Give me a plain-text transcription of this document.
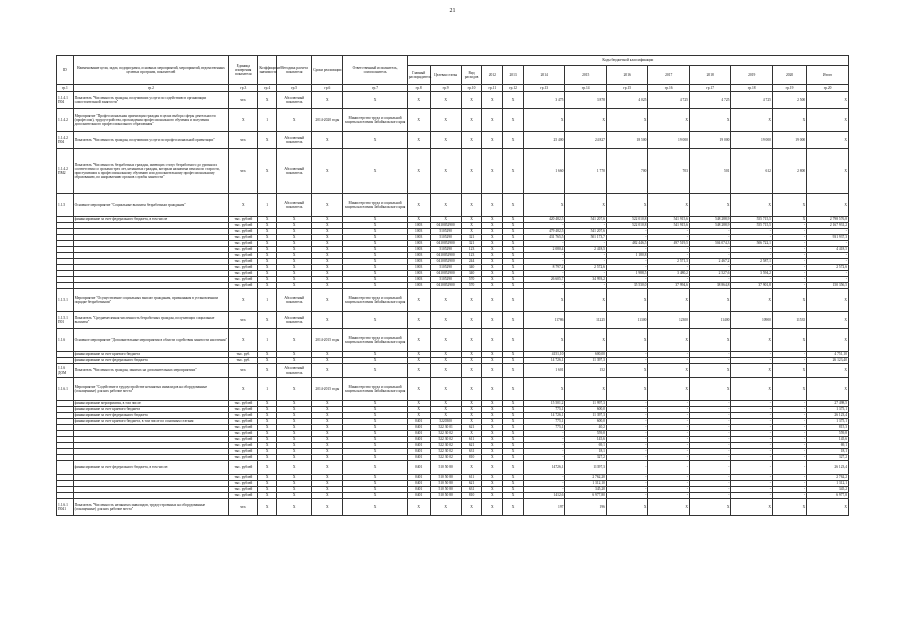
21
ID	Наименование цели, задач, подпрограмм, основных мероприятий, мероприятий, ведомственных целевых программ, показателей	Единица измерения показателя	Коэффициент значимости	Методика расчета показателя	Сроки реализации	Ответственный исполнитель, соисполнитель	Коды бюджетной классификации												
							Главный распорядитель	Целевая статья	Вид расходов	2012	2013	2014	2015	2016	2017	2018	2019	2020	Итого
гр.1	гр.2	гр.3	гр.4	гр.5	гр.6	гр.7	гр.8	гр.9	гр.10	гр.11	гр.12	гр.13	гр.14	гр.15	гр.16	гр.17	гр.18	гр.19	гр.20
1.1.4.1 П04	Показатель "Численность граждан, получивших услуги по содействию в организации самостоятельной занятости"	чел.	Х	Абсолютный показатель	Х	Х	Х	Х	Х	Х	Х	3 475	3 878	4 025	4 725	4 725	4 725	2 500	Х
1.1.4.2	Мероприятие "Профессиональная ориентация граждан в целях выбора сферы деятельности (профессии), трудоустройства, прохождения профессионального обучения и получения дополнительного профессионального образования"	Х	1	Х	2014-2020 годы	Министерство труда и социальной защиты населения Забайкальского края	Х	Х	Х	Х	Х	Х	Х	Х	Х	Х	Х	Х	Х
1.1.4.2 П04	Показатель "Численность граждан, получивших услуги по профессиональной ориентации"	чел.	Х	Абсолютный показатель	Х	Х	Х	Х	Х	Х	Х	25 400	24 827	18 500	19 000	19 000	19 000	19 000	Х
1.1.4.2 ПМ2	Показатель "Численность безработных граждан, имеющих статус безработного до уровня их соответствия со сроками трех лет, незанятых граждан, которым назначена пенсия по старости, приступивших к профессиональному обучению или дополнительному профессиональному образованию, по направлению органов службы занятости"	чел.	Х	Абсолютный показатель	Х	Х	Х	Х	Х	Х	Х	1 660	1 770	700	703	501	612	2 800	Х
1.1.5	Основное мероприятие "Социальные выплаты безработным гражданам"	Х	1	Абсолютный показатель	Х	Министерство труда и социальной защиты населения Забайкальского края	Х	Х	Х	Х	Х	Х	Х	Х	Х	Х	Х	Х	Х
	финансирование за счет федерального бюджета, в том числе	тыс. рублей	Х	Х	Х	Х	Х	Х	Х	Х	Х	420 482,5	541 207,6	522 010,8	541 915,6	548 288,9	555 715,5	Х	2 798 576,8
		тыс. рублей	Х	Х	Х	Х	1003	0410052900	Х	Х	Х	-	-	522 010,8	541 915,6	548 288,9	555 715,5	-	2 167 931,2
		тыс. рублей	Х	Х	Х	Х	1003	5105290	Х	Х	Х	479 482,5	541 207,6	-	-	-	-	-	-
		тыс. рублей	Х	Х	Х	Х	1003	5105290	321	Х	Х	431 765,5	501 173,7	-	-	-	-	-	931 937,3
		тыс. рублей	Х	Х	Х	Х	1003	0410052900	321	Х	Х	-	-	482 446,5	497 519,5	504 074,3	506 722,1	-	-
		тыс. рублей	Х	Х	Х	Х	1003	5105290	123	Х	Х	2 080,4	2 418,5	-	-	-	-	-	4 418,5
		тыс. рублей	Х	Х	Х	Х	1003	0410052900	123	Х	Х	-	-	1 180,8	-	-	-	-	-
		тыс. рублей	Х	Х	Х	Х	1003	0410052900	244	Х	Х	-	-	-	2 571,3	2 467,2	2 587,1	-	-
		тыс. рублей	Х	Х	Х	Х	1003	5105290	340	Х	Х	8 797,2	2 572,6	-	-	-	-	-	2 572,6
		тыс. рублей	Х	Х	Х	Х	1003	0410052900	340	Х	Х	-	-	1 988,5	3 480,2	2 527,6	3 594,2	-	-
		тыс. рублей	Х	Х	Х	Х	1003	5105290	570	Х	Х	26 605,7	34 993,2	-	-	-	-	-	-
		тыс. рублей	Х	Х	Х	Х	1003	0410052900	570	Х	Х	-	-	35 530,0	37 994,6	38 864,8	37 901,8	-	150 356,5
1.1.5.1	Мероприятие "Осуществление социальных выплат гражданам, признанным в установленном порядке безработными"	Х	1	Абсолютный показатель	Х	Министерство труда и социальной защиты населения Забайкальского края	Х	Х	Х	Х	Х	Х	Х	Х	Х	Х	Х	Х	Х
1.1.5.1 П01	Показатель "Среднемесячная численность безработных граждан, получающих социальные выплаты"	чел.	Х	Абсолютный показатель	Х	Х	Х	Х	Х	Х	Х	11786	11225	11300	12300	11400	10900	11535	Х
1.1.6	Основное мероприятие "Дополнительные мероприятия в области содействия занятости населения"	Х	1	Х	2014-2015 годы	Министерство труда и социальной защиты населения Забайкальского края	Х	Х	Х	Х	Х	Х	Х	Х	Х	Х	Х	Х	Х
	финансирование за счет краевого бюджета	тыс. руб.	Х	Х	Х	Х	Х	Х	Х	Х	Х	4151,10	600,00	-	-	-	-	-	4 751,10
	финансирование за счет федерального бюджета	тыс. руб.	Х	Х	Х	Х	Х	Х	Х	Х	Х	14 726,1	11 397,3	-	-	-	-	-	26 123,40
1.1.6 ДОМ	Показатель "Численность граждан, занятых на дополнительных мероприятиях"	чел.	Х	Абсолютный показатель	Х	Х	Х	Х	Х	Х	Х	1 601	152	Х	Х	Х	Х	Х	Х
1.1.6.1	Мероприятие "Содействие в трудоустройстве незанятых инвалидов на оборудованные (оснащенные) для них рабочие места"	Х	1	Х	2014-2015 годы	Министерство труда и социальной защиты населения Забайкальского края	Х	Х	Х	Х	Х	Х	Х	Х	Х	Х	Х	Х	Х
	финансирование мероприятия, в том числе:	тыс. рублей	Х	Х	Х	Х	Х	Х	Х	Х	Х	15 501,2	11 997,3	-	-	-	-	-	27 498,5
	финансирование за счет краевого бюджета	тыс. рублей	Х	Х	Х	Х	Х	Х	Х	Х	Х	775,1	600,0	-	-	-	-	-	1 375,1
	финансирование за счет федерального бюджета	тыс. рублей	Х	Х	Х	Х	Х	Х	Х	Х	Х	14 726,1	11 397,3	-	-	-	-	-	26 123,4
	финансирование за счет краевого бюджета, в том числе по основным статьям:	тыс. рублей	Х	Х	Х	Х	0401	5220300	Х	Х	Х	775,1	600,0	-	-	-	-	-	1 375,1
		тыс. рублей	Х	Х	Х	Х	0401	522 30 01	621	Х	Х	775,1	40,2	-	-	-	-	-	815,3
		тыс. рублей	Х	Х	Х	Х	0401	522 30 02	Х	Х	Х	-	559,8	-	-	-	-	-	559,8
		тыс. рублей	Х	Х	Х	Х	0401	522 30 02	611	Х	Х	-	145,6	-	-	-	-	-	145,6
		тыс. рублей	Х	Х	Х	Х	0401	522 30 02	621	Х	Х	-	69,1	-	-	-	-	-	69,1
		тыс. рублей	Х	Х	Х	Х	0401	522 30 02	631	Х	Х	-	18,1	-	-	-	-	-	18,1
		тыс. рублей	Х	Х	Х	Х	0401	522 30 02	810	Х	Х	-	327,2	-	-	-	-	-	327,2
	финансирование за счет федерального бюджета, в том числе:	тыс. рублей	Х	Х	Х	Х	0401	510 50 80	Х	Х	Х	14726,1	11397,3	-	-	-	-	-	26 123,4
		тыс. рублей	Х	Х	Х	Х	0401	510 50 80	611	Х	Х	-	2 762,20	-	-	-	-	-	2 762,2
		тыс. рублей	Х	Х	Х	Х	0401	510 50 80	621	Х	Х	-	1 312,10	-	-	-	-	-	1 312,1
		тыс. рублей	Х	Х	Х	Х	0401	510 50 80	631	Х	Х	-	345,20	-	-	-	-	-	345,2
		тыс. рублей	Х	Х	Х	Х	0401	510 50 80	810	Х	Х	1412,6	6 977,80	-	-	-	-	-	6 977,8
1.1.6.1 П041	Показатель "Численность незанятых инвалидов, трудоустроенных на оборудованные (оснащенные) для них рабочие места"	чел.	Х	Х	Х	Х	Х	Х	Х	Х	Х	197	196	Х	Х	Х	Х	Х	Х
